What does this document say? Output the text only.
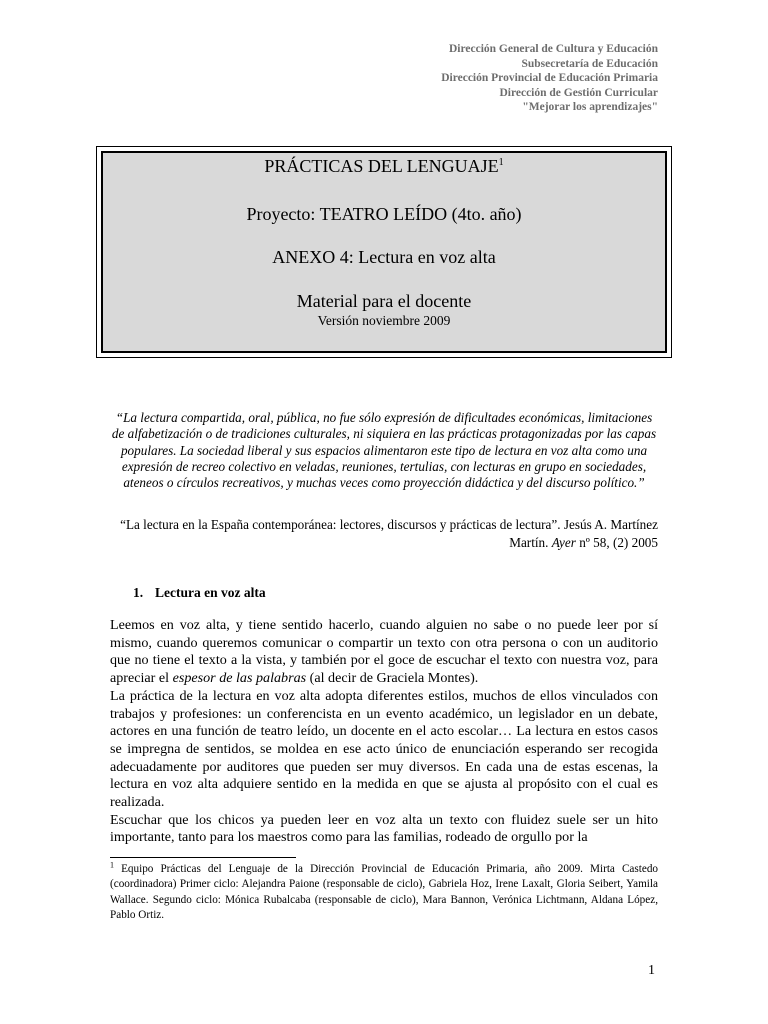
Dirección General de Cultura y Educación
Subsecretaría de Educación
Dirección Provincial de Educación Primaria
Dirección de Gestión Curricular
"Mejorar los aprendizajes"
PRÁCTICAS DEL LENGUAJE$^1$
Proyecto: TEATRO LEÍDO (4to. año)
ANEXO 4: Lectura en voz alta
Material para el docente
Versión noviembre 2009
“La lectura compartida, oral, pública, no fue sólo expresión de dificultades económicas, limitaciones de alfabetización o de tradiciones culturales, ni siquiera en las prácticas protagonizadas por las capas populares. La sociedad liberal y sus espacios alimentaron este tipo de lectura en voz alta como una expresión de recreo colectivo en veladas, reuniones, tertulias, con lecturas en grupo en sociedades, ateneos o círculos recreativos, y muchas veces como proyección didáctica y del discurso político.”
“La lectura en la España contemporánea: lectores, discursos y prácticas de lectura”. Jesús A. Martínez Martín. Ayer nº 58, (2) 2005
1. Lectura en voz alta

Leemos en voz alta, y tiene sentido hacerlo, cuando alguien no sabe o no puede leer por sí mismo, cuando queremos comunicar o compartir un texto con otra persona o con un auditorio que no tiene el texto a la vista, y también por el goce de escuchar el texto con nuestra voz, para apreciar el espesor de las palabras (al decir de Graciela Montes).

La práctica de la lectura en voz alta adopta diferentes estilos, muchos de ellos vinculados con trabajos y profesiones: un conferencista en un evento académico, un legislador en un debate, actores en una función de teatro leído, un docente en el acto escolar… La lectura en estos casos se impregna de sentidos, se moldea en ese acto único de enunciación esperando ser recogida adecuadamente por auditores que pueden ser muy diversos. En cada una de estas escenas, la lectura en voz alta adquiere sentido en la medida en que se ajusta al propósito con el cual es realizada.

Escuchar que los chicos ya pueden leer en voz alta un texto con fluidez suele ser un hito importante, tanto para los maestros como para las familias, rodeado de orgullo por la

$^1$ Equipo Prácticas del Lenguaje de la Dirección Provincial de Educación Primaria, año 2009. Mirta Castedo (coordinadora) Primer ciclo: Alejandra Paione (responsable de ciclo), Gabriela Hoz, Irene Laxalt, Gloria Seibert, Yamila Wallace. Segundo ciclo: Mónica Rubalcaba (responsable de ciclo), Mara Bannon, Verónica Lichtmann, Aldana López, Pablo Ortiz.
1
